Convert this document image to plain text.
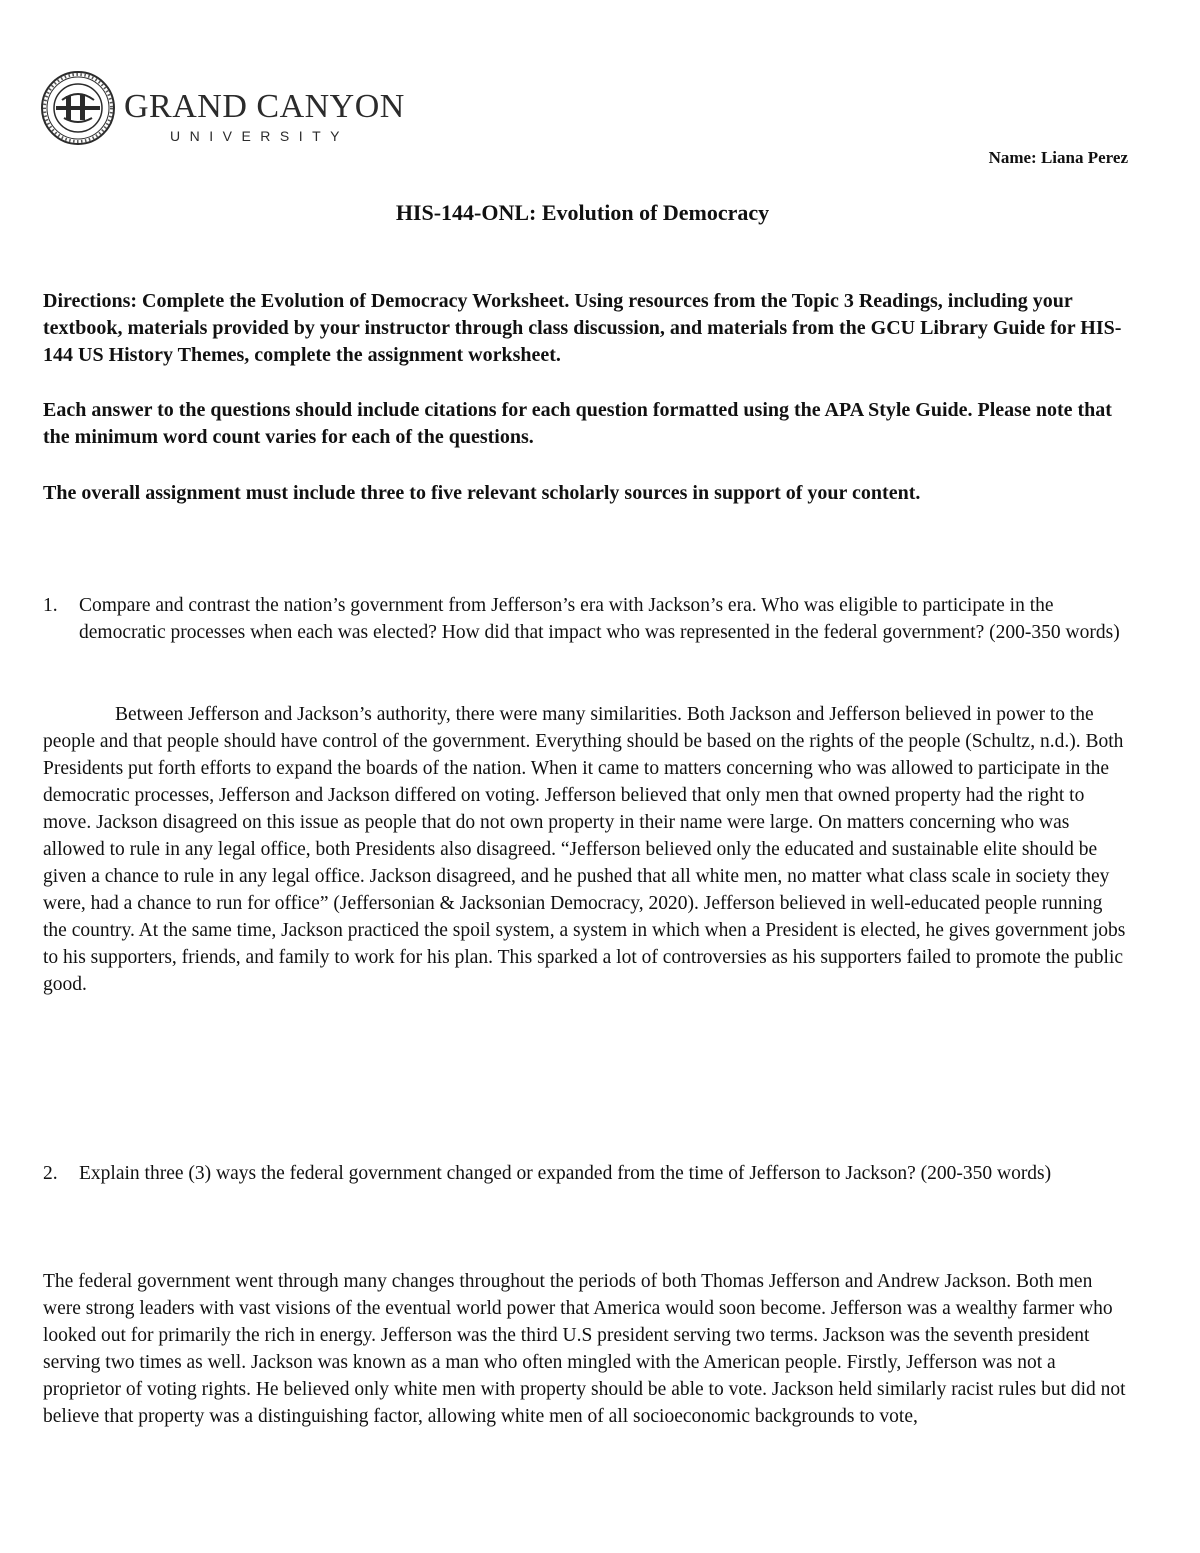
GRAND CANYON
UNIVERSITY
Name: Liana Perez
HIS-144-ONL: Evolution of Democracy
Directions: Complete the Evolution of Democracy Worksheet. Using resources from the Topic 3 Readings, including your textbook, materials provided by your instructor through class discussion, and materials from the GCU Library Guide for HIS-144 US History Themes, complete the assignment worksheet.
Each answer to the questions should include citations for each question formatted using the APA Style Guide. Please note that the minimum word count varies for each of the questions.
The overall assignment must include three to five relevant scholarly sources in support of your content.
1. Compare and contrast the nation’s government from Jefferson’s era with Jackson’s era. Who was eligible to participate in the democratic processes when each was elected? How did that impact who was represented in the federal government? (200-350 words)
Between Jefferson and Jackson’s authority, there were many similarities. Both Jackson and Jefferson believed in power to the people and that people should have control of the government. Everything should be based on the rights of the people (Schultz, n.d.). Both Presidents put forth efforts to expand the boards of the nation. When it came to matters concerning who was allowed to participate in the democratic processes, Jefferson and Jackson differed on voting. Jefferson believed that only men that owned property had the right to move. Jackson disagreed on this issue as people that do not own property in their name were large. On matters concerning who was allowed to rule in any legal office, both Presidents also disagreed. “Jefferson believed only the educated and sustainable elite should be given a chance to rule in any legal office. Jackson disagreed, and he pushed that all white men, no matter what class scale in society they were, had a chance to run for office” (Jeffersonian & Jacksonian Democracy, 2020). Jefferson believed in well-educated people running the country. At the same time, Jackson practiced the spoil system, a system in which when a President is elected, he gives government jobs to his supporters, friends, and family to work for his plan. This sparked a lot of controversies as his supporters failed to promote the public good.
2. Explain three (3) ways the federal government changed or expanded from the time of Jefferson to Jackson? (200-350 words)
The federal government went through many changes throughout the periods of both Thomas Jefferson and Andrew Jackson. Both men were strong leaders with vast visions of the eventual world power that America would soon become. Jefferson was a wealthy farmer who looked out for primarily the rich in energy. Jefferson was the third U.S president serving two terms. Jackson was the seventh president serving two times as well. Jackson was known as a man who often mingled with the American people. Firstly, Jefferson was not a proprietor of voting rights. He believed only white men with property should be able to vote. Jackson held similarly racist rules but did not believe that property was a distinguishing factor, allowing white men of all socioeconomic backgrounds to vote,
